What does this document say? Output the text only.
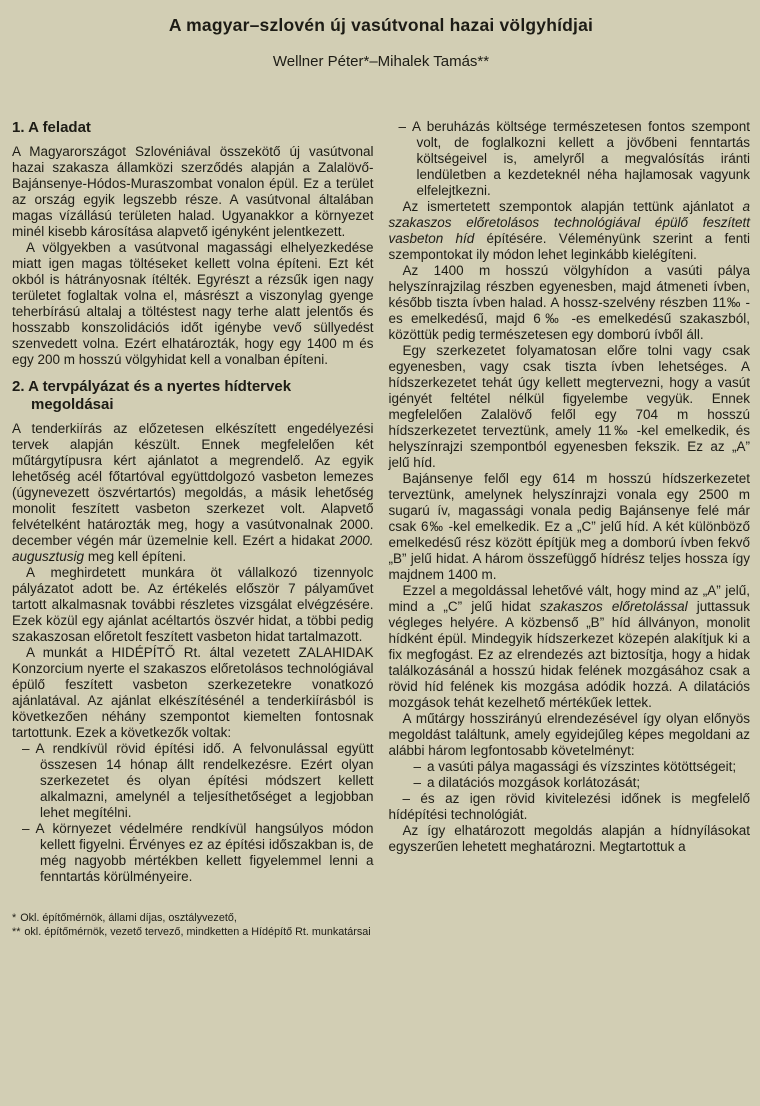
A magyar–szlovén új vasútvonal hazai völgyhídjai
Wellner Péter*–Mihalek Tamás**
1. A feladat
A Magyarországot Szlovéniával összekötő új vasútvonal hazai szakasza államközi szerződés alapján a Zalalövő-Bajánsenye-Hódos-Muraszombat vonalon épül. Ez a terület az ország egyik legszebb része. A vasútvonal általában magas vízállású területen halad. Ugyanakkor a környezet minél kisebb károsítása alapvető igényként jelentkezett.
A völgyekben a vasútvonal magassági elhelyezkedése miatt igen magas töltéseket kellett volna építeni. Ezt két okból is hátrányosnak ítélték. Egyrészt a rézsűk igen nagy területet foglaltak volna el, másrészt a viszonylag gyenge teherbírású altalaj a töltéstest nagy terhe alatt jelentős és hosszabb konszolidációs időt igénybe vevő süllyedést szenvedett volna. Ezért elhatározták, hogy egy 1400 m és egy 200 m hosszú völgyhidat kell a vonalban építeni.
2. A tervpályázat és a nyertes hídtervek megoldásai
A tenderkiírás az előzetesen elkészített engedélyezési tervek alapján készült. Ennek megfelelően két műtárgytípusra kért ajánlatot a megrendelő. Az egyik lehetőség acél főtartóval együttdolgozó vasbeton lemezes (úgynevezett öszvértartós) megoldás, a másik lehetőség monolit feszített vasbeton szerkezet volt. Alapvető felvételként határozták meg, hogy a vasútvonalnak 2000. december végén már üzemelnie kell. Ezért a hidakat 2000. augusztusig meg kell építeni.
A meghirdetett munkára öt vállalkozó tizennyolc pályázatot adott be. Az értékelés először 7 pályaművet tartott alkalmasnak további részletes vizsgálat elvégzésére. Ezek közül egy ajánlat acéltartós öszvér hidat, a többi pedig szakaszosan előretolt feszített vasbeton hidat tartalmazott.
A munkát a HIDÉPÍTŐ Rt. által vezetett ZALAHIDAK Konzorcium nyerte el szakaszos előretolásos technológiával épülő feszített vasbeton szerkezetekre vonatkozó ajánlatával. Az ajánlat elkészítésénél a tenderkiírásból is következően néhány szempontot kiemelten fontosnak tartottunk. Ezek a következők voltak:
– A rendkívül rövid építési idő. A felvonulással együtt összesen 14 hónap állt rendelkezésre. Ezért olyan szerkezetet és olyan építési módszert kellett alkalmazni, amelynél a teljesíthetőséget a legjobban lehet megítélni.
– A környezet védelmére rendkívül hangsúlyos módon kellett figyelni. Érvényes ez az építési időszakban is, de még nagyobb mértékben kellett figyelemmel lenni a fenntartás körülményeire.
– A beruházás költsége természetesen fontos szempont volt, de foglalkozni kellett a jövőbeni fenntartás költségeivel is, amelyről a megvalósítás iránti lendületben a kezdeteknél néha hajlamosak vagyunk elfelejtkezni.
Az ismertetett szempontok alapján tettünk ajánlatot a szakaszos előretolásos technológiával épülő feszített vasbeton híd építésére. Véleményünk szerint a fenti szempontokat ily módon lehet leginkább kielégíteni.
Az 1400 m hosszú völgyhídon a vasúti pálya helyszínrajzilag részben egyenesben, majd átmeneti ívben, később tiszta ívben halad. A hossz-szelvény részben 11‰ -es emelkedésű, majd 6‰ -es emelkedésű szakaszból, közöttük pedig természetesen egy domború ívből áll.
Egy szerkezetet folyamatosan előre tolni vagy csak egyenesben, vagy csak tiszta ívben lehetséges. A hídszerkezetet tehát úgy kellett megtervezni, hogy a vasút igényét feltétel nélkül figyelembe vegyük. Ennek megfelelően Zalalövő felől egy 704 m hosszú hídszerkezetet terveztünk, amely 11‰ -kel emelkedik, és helyszínrajzi szempontból egyenesben fekszik. Ez az „A” jelű híd.
Bajánsenye felől egy 614 m hosszú hídszerkezetet terveztünk, amelynek helyszínrajzi vonala egy 2500 m sugarú ív, magassági vonala pedig Bajánsenye felé már csak 6‰ -kel emelkedik. Ez a „C” jelű híd. A két különböző emelkedésű rész között építjük meg a domború ívben fekvő „B” jelű hidat. A három összefüggő hídrész teljes hossza így majdnem 1400 m.
Ezzel a megoldással lehetővé vált, hogy mind az „A” jelű, mind a „C” jelű hidat szakaszos előretolással juttassuk végleges helyére. A közbenső „B” híd állványon, monolit hídként épül. Mindegyik hídszerkezet közepén alakítjuk ki a fix megfogást. Ez az elrendezés azt biztosítja, hogy a hidak találkozásánál a hosszú hidak felének mozgásához csak a rövid híd felének kis mozgása adódik hozzá. A dilatációs mozgások tehát kezelhető mértékűek lettek.
A műtárgy hosszirányú elrendezésével így olyan előnyös megoldást találtunk, amely egyidejűleg képes megoldani az alábbi három legfontosabb követelményt:
– a vasúti pálya magassági és vízszintes kötöttségeit;
– a dilatációs mozgások korlátozását;
– és az igen rövid kivitelezési időnek is megfelelő hídépítési technológiát.
Az így elhatározott megoldás alapján a hídnyílásokat egyszerűen lehetett meghatározni. Megtartottuk a
* Okl. építőmérnök, állami díjas, osztályvezető,
** okl. építőmérnök, vezető tervező, mindketten a Hídépítő Rt. munkatársai
